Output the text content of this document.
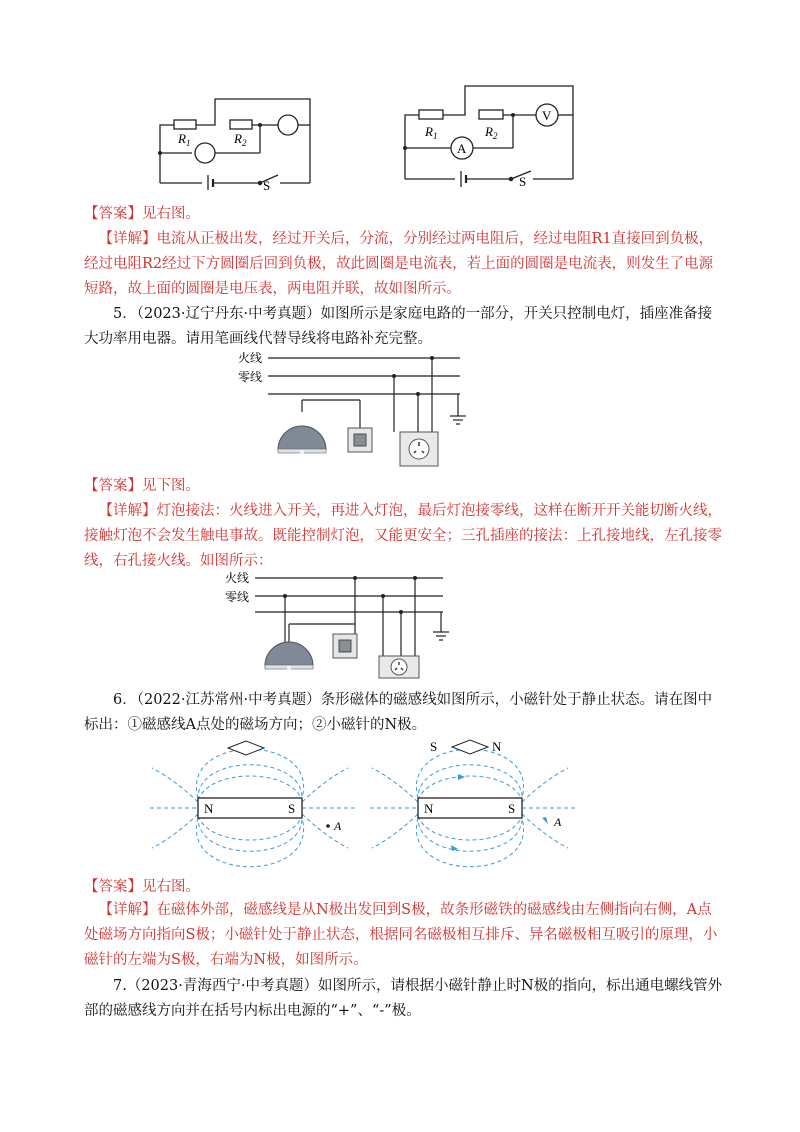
$R_1$	$R_2$
S
V
A
$R_1$	$R_2$
S
【答案】见右图。
【详解】电流从正极出发，经过开关后，分流，分别经过两电阻后，经过电阻R1直接回到负极，经过电阻R2经过下方圆圈后回到负极，故此圆圈是电流表，若上面的圆圈是电流表，则发生了电源短路，故上面的圆圈是电压表，两电阻并联，故如图所示。
5．（2023·辽宁丹东·中考真题）如图所示是家庭电路的一部分，开关只控制电灯，插座准备接大功率用电器。请用笔画线代替导线将电路补充完整。
火线
零线
【答案】见下图。
【详解】灯泡接法：火线进入开关，再进入灯泡，最后灯泡接零线，这样在断开开关能切断火线，接触灯泡不会发生触电事故。既能控制灯泡，又能更安全；三孔插座的接法：上孔接地线，左孔接零线，右孔接火线。如图所示：
火线
零线
6．（2022·江苏常州·中考真题）条形磁体的磁感线如图所示，小磁针处于静止状态。请在图中标出：①磁感线A点处的磁场方向；②小磁针的N极。
N	S
A
N	S
S	N
A
【答案】见右图。
【详解】在磁体外部，磁感线是从N极出发回到S极，故条形磁铁的磁感线由左侧指向右侧，A点处磁场方向指向S极；小磁针处于静止状态，根据同名磁极相互排斥、异名磁极相互吸引的原理，小磁针的左端为S极，右端为N极，如图所示。
7.（2023·青海西宁·中考真题）如图所示，请根据小磁针静止时N极的指向，标出通电螺线管外部的磁感线方向并在括号内标出电源的“+”、“-”极。
